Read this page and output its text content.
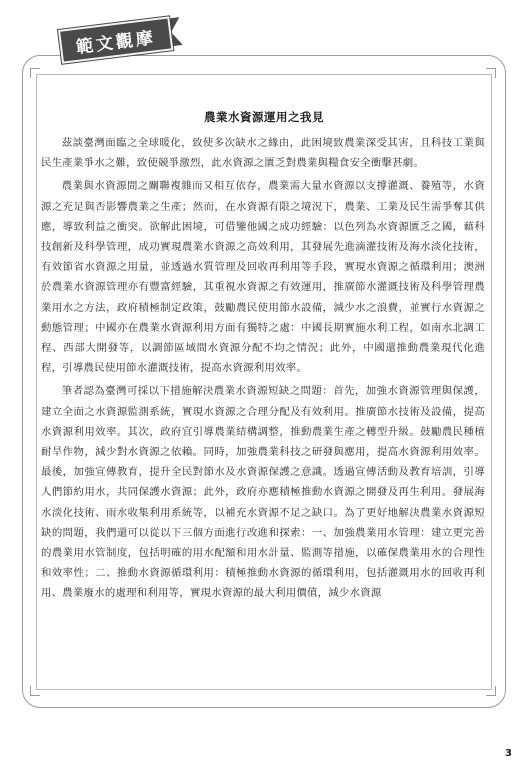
範文觀摩
農業水資源運用之我見

茲談臺灣面臨之全球暖化，致使多次缺水之緣由，此困境致農業深受其害，且科技工業與民生產業爭水之難，致使競爭激烈，此水資源之匱乏對農業與糧食安全衝擊甚劇。

農業與水資源間之關聯複雜而又相互依存，農業需大量水資源以支撐灌溉、養殖等，水資源之充足與否影響農業之生產；然而，在水資源有限之境況下，農業、工業及民生需爭奪其供應，導致利益之衝突。欲解此困境，可借鑒他國之成功經驗：以色列為水資源匱乏之國，藉科技創新及科學管理，成功實現農業水資源之高效利用，其發展先進滴灌技術及海水淡化技術，有效節省水資源之用量，並透過水質管理及回收再利用等手段，實現水資源之循環利用；澳洲於農業水資源管理亦有豐富經驗，其重視水資源之有效運用，推廣節水灌溉技術及科學管理農業用水之方法，政府積極制定政策，鼓勵農民使用節水設備，減少水之浪費，並實行水資源之動態管理；中國亦在農業水資源利用方面有獨特之處：中國長期實施水利工程，如南水北調工程、西部大開發等，以調節區域間水資源分配不均之情況；此外，中國還推動農業現代化進程，引導農民使用節水灌溉技術，提高水資源利用效率。

筆者認為臺灣可採以下措施解決農業水資源短缺之問題：首先，加強水資源管理與保護，建立全面之水資源監測系統，實現水資源之合理分配及有效利用。推廣節水技術及設備，提高水資源利用效率。其次，政府宜引導農業結構調整，推動農業生產之轉型升級。鼓勵農民種植耐旱作物，減少對水資源之依賴。同時，加強農業科技之研發與應用，提高水資源利用效率。最後，加強宣傳教育，提升全民對節水及水資源保護之意識。透過宣傳活動及教育培訓，引導人們節約用水，共同保護水資源；此外，政府亦應積極推動水資源之開發及再生利用。發展海水淡化技術、雨水收集利用系統等，以補充水資源不足之缺口。為了更好地解決農業水資源短缺的問題，我們還可以從以下三個方面進行改進和探索：一、加強農業用水管理：建立更完善的農業用水管制度，包括明確的用水配額和用水計量、監測等措施，以確保農業用水的合理性和效率性；二、推動水資源循環利用：積極推動水資源的循環利用，包括灌溉用水的回收再利用、農業廢水的處理和利用等，實現水資源的最大利用價值，減少水資源

3
